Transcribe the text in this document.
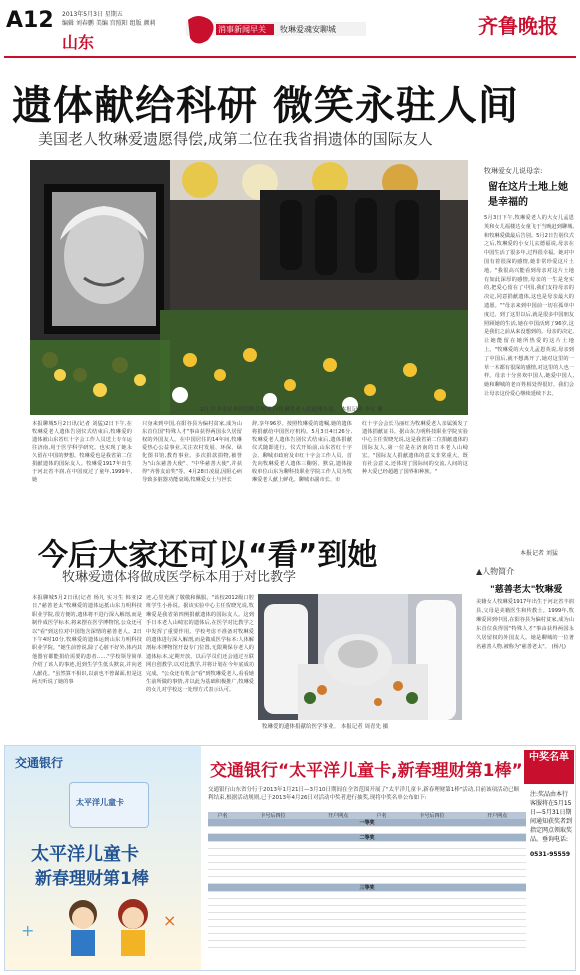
A12 2013年5月3日 星期五
编辑 刘春鹏 美编 宫照阳 组版 颜莉
山东
消事新闻早关 牧琳爱魂安聊城	齐鲁晚报
遗体献给科研 微笑永驻人间
美国老人牧琳爱遗愿得偿,成第二位在我省捐遗体的国际友人
2日,许多市民来到追悼会现场,向牧琳爱老人的遗体告别。 本报记者 李军 摄
本报聊城5月2日讯(记者 刘猛)2日下午,在牧琳爱老人遗体告别仪式结束后,牧琳爱的遗体被山东省红十字会工作人员送上专车运往济南,用于医学科学研究。也实现了她永久留在中国的梦想。牧琳爱也是我省第二位捐献遗体的国际友人。牧琳爱1917年出生于河北省丰润,在中国度过了童年,1999年,她
只身来到中国,在阳谷县为偏村贫家,成为山东首位国"特殊人才"事由获得两国永久居留权的外国友人。在中国居住的14年间,牧琳爱热心公益事业,关注农村发展、环保、绿化图书馆,教育事业。多次捐款捐物,被誉为"山东慈善大使"、"中华慈善大使",并获得"齐鲁友谊奖"等。4月28日凌晨,因阻心病导致多脏器功能衰竭,牧琳爱女士与世长
辞,享年96岁。按照牧琳爱的遗嘱,她的遗体将捐献给中国医疗机构。5月3日4日26分,牧琳爱老人遗体告别仪式结束后,遗体捐献仪式随即进行。仪式开始前,山东省红十字会、聊城市政府及市红十字会工作人员、首先向牧琳爱老人遗体三鞠躬、默哀,遗体接收单位山东为聊科技职业学院工作人员为牧琳爱老人献上鲜花。聊城市副市长、市
红十字会会长马丽红为牧琳爱老人亲属颁发了遗体捐献证书。据山东力明科技职业学院实验中心主任贺晓光说,这是我省第二位捐献遗体的国际友人,第一位是在济南的日本老人山崎宏。"国际友人捐献遗体的意义非常重大。既有社会意义,还体现了国际间的交流,人间的这种大爱已经超越了国界和种族。"
牧琳爱女儿说母亲:
留在这片土地上她是幸福的
5月3日下午,牧琳爱老人的大女儿孟恩英和女儿福楼达女童飞于当晚赶到聊城,和牧琳爱做最后告别。5月2日告别仪式之后,牧琳爱的小女儿玄德福说,母亲在中国生活了很多年,过得很幸福。她对中国有着很深的感情,她非常珍爱这片土地。"我很高兴能看到母亲对这片土地有如此深厚的感情,母亲的一生是充实的,把爱心留在了中国,我们支持母亲的决定,同意捐献遗体,这也是母亲最大的遗愿。""母亲来到中国前一切在孤单中度过。到了这里以后,就是很多中国朋友照顾她的生活,她在中国活到了96岁,这是我们之前从来没想到的。母亲的决定,让她能留在她所热爱的这片土地上。"牧琳爱的大女儿孟恩英说,母亲到了中国后,就不想离开了,她对这里的一草一木都有很深的感情,对这里的人也一样。母亲十分喜欢中国人,她爱中国人,她和聊城的老百姓相处得很好。我们会让母亲这份爱心继续延续下去。
本报记者 刘猛
今后大家还可以“看”到她
牧琳爱遗体将做成医学标本用于对比教学
本报聊城5月2日讯(记者 杨凡 实习生 韩亚)2日,"慈善老太"牧琳爱的遗体运抵山东力明科技职业学院,很方便的,遗体将不进行深入解剖,而是制作成医学标本,将来摆在医学博物馆,公众还可以"看"到这位对中国饱含深情的慈善老人。2日下午4时10分,牧琳爱的遗体运到山东力明科技职业学院。"她生前曾说,除了心脏不好外,体内其他器官都能捐给需要的患者……"学校领导简单介绍了该人的事迹,迟到生学生低头默哀,并向老人献花。"虽然算不相识,以前也不曾谋面,但是这两天听说了她的事
迹,心里充满了敬敬和佩服。"该校2012级口腔班学生小孙说。据该实验中心主任贺晓光说,牧琳爱是我省第四例捐献遗体的国际友人。这到手日本老人山崎宏的遗体后,在医学对比教学之中发挥了重要作用。学校考虑不准备对牧琳爱的遗体进行深入解剖,而是做成医学标本:人体解剖标本博物馆开设专门位置,无限期保存老人的遗体标本,定期开放。以后学员们还会通过互联网自创教学,以对比教学,并将计划在今年底成功完成。"公众还有机会"看"到牧琳爱老人,看看她生前所做的事情,并以此为基础积极推广,牧琳爱的女儿对学校这一处理方式表示认可。
牧琳爱的遗体捐献给医学事业。 本报记者 周青先 摄
▲人物简介
"慈善老太"牧琳爱
美籍女人牧琳爱1917年出生于河北省丰润县,父母是美籍医生和传教士。1999年,牧琳爱回到中国,在阳谷县为偏村贫家,成为山东首位获得国"特殊人才"事由获得两国永久居留权的外国友人。她是聊城的一位著名慈善人物,被称为"慈善老太"。 (杨凡)
交通银行
太平洋儿童卡
太平洋儿童卡
新春理财第1棒
+
×
交通银行“太平洋儿童卡,新春理财第1棒”
中奖名单
交通银行山东省分行于2013年1月21日—3月10日期间在全省范围开展了"太平洋儿童卡,新春理财第1棒"活动,目前该项活动已顺利结束,根据活动规则,已于2013年4月26日对活动中奖者进行抽奖,现将中奖名单公布如下:
户名	卡号后四位	开户网点	户名	卡号后四位	开户网点
一等奖					

二等奖					

三等奖					

注:奖品由本行客服将在5月15日—5月31日期间通知获奖者到指定网点领取奖品。垂询电话:
0531-95559
